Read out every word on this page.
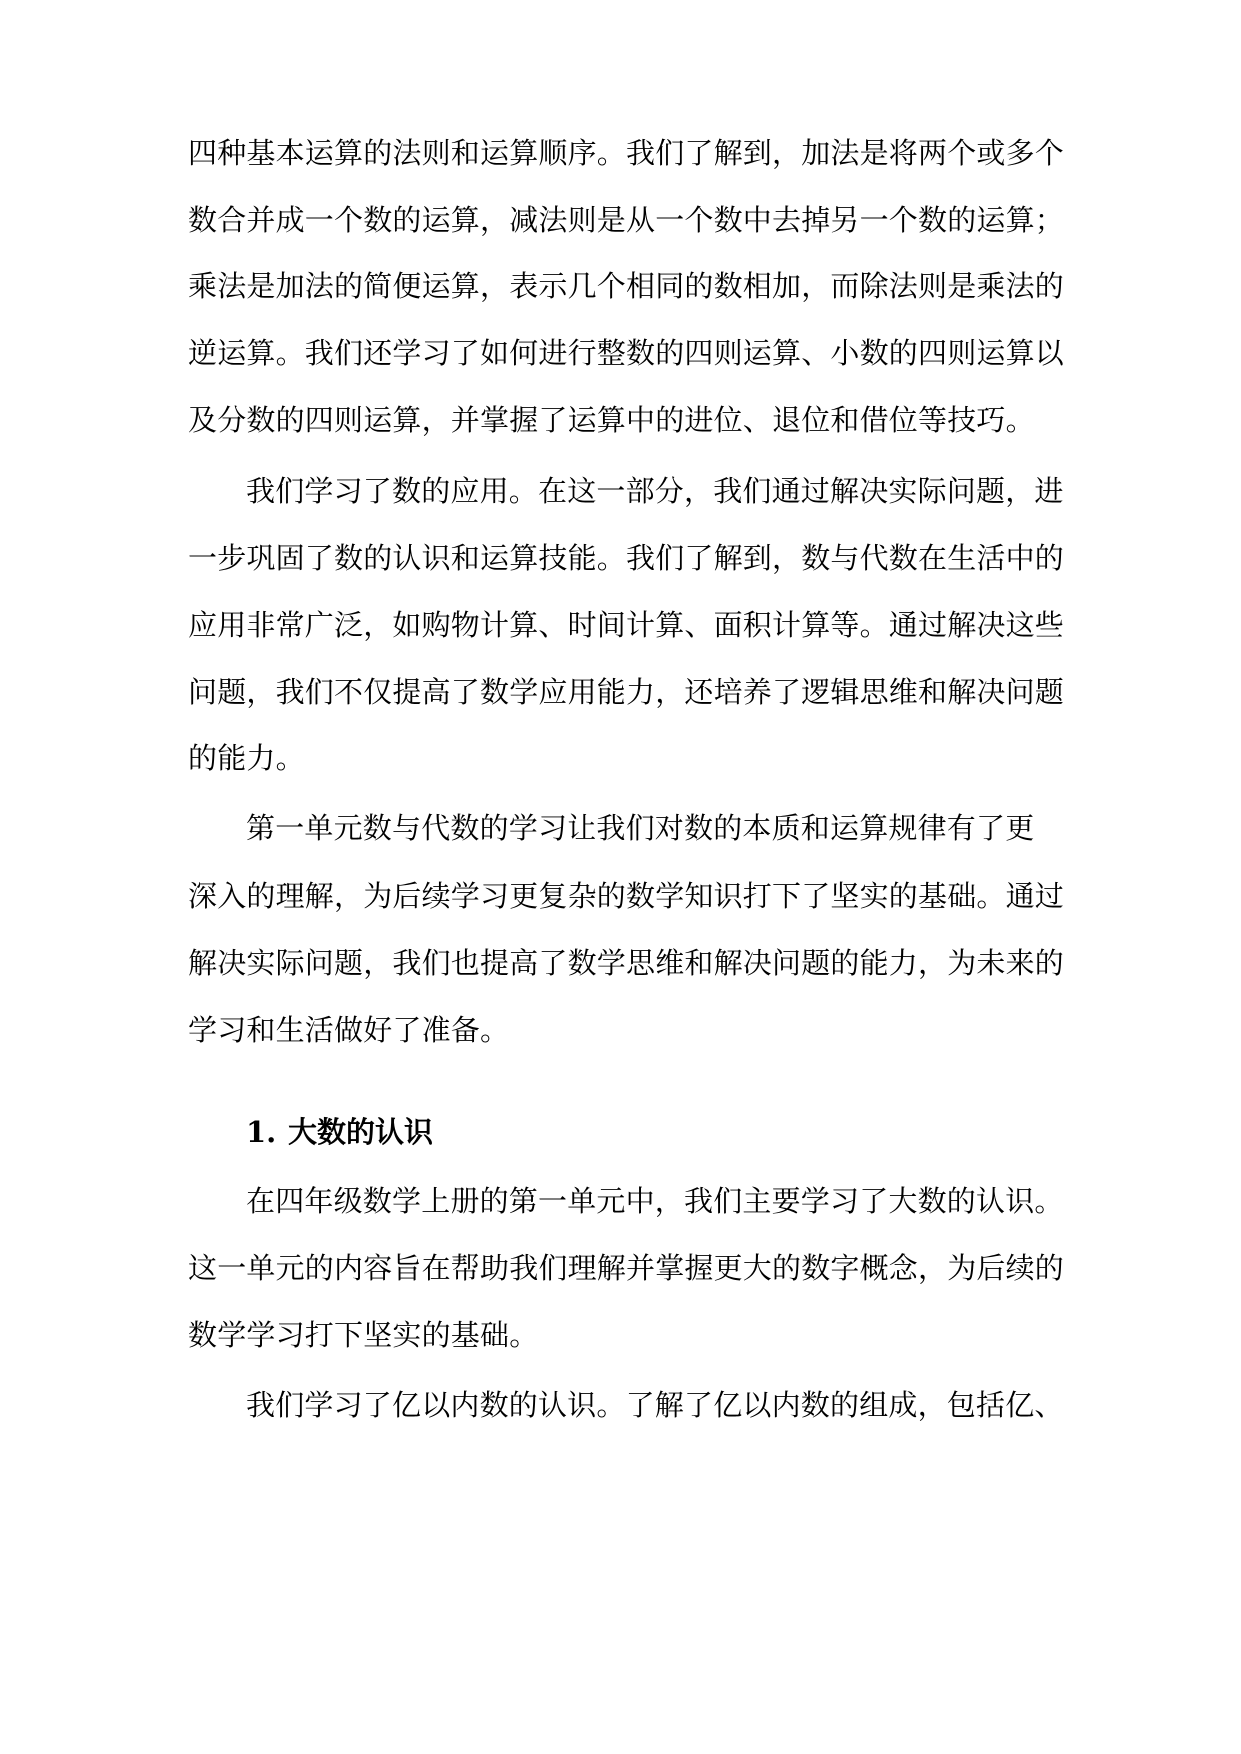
四种基本运算的法则和运算顺序。我们了解到，加法是将两个或多个
数合并成一个数的运算，减法则是从一个数中去掉另一个数的运算；
乘法是加法的简便运算，表示几个相同的数相加，而除法则是乘法的
逆运算。我们还学习了如何进行整数的四则运算、小数的四则运算以
及分数的四则运算，并掌握了运算中的进位、退位和借位等技巧。
我们学习了数的应用。在这一部分，我们通过解决实际问题，进
一步巩固了数的认识和运算技能。我们了解到，数与代数在生活中的
应用非常广泛，如购物计算、时间计算、面积计算等。通过解决这些
问题，我们不仅提高了数学应用能力，还培养了逻辑思维和解决问题
的能力。
第一单元数与代数的学习让我们对数的本质和运算规律有了更
深入的理解，为后续学习更复杂的数学知识打下了坚实的基础。通过
解决实际问题，我们也提高了数学思维和解决问题的能力，为未来的
学习和生活做好了准备。
1. 大数的认识
在四年级数学上册的第一单元中，我们主要学习了大数的认识。
这一单元的内容旨在帮助我们理解并掌握更大的数字概念，为后续的
数学学习打下坚实的基础。
我们学习了亿以内数的认识。了解了亿以内数的组成，包括亿、
